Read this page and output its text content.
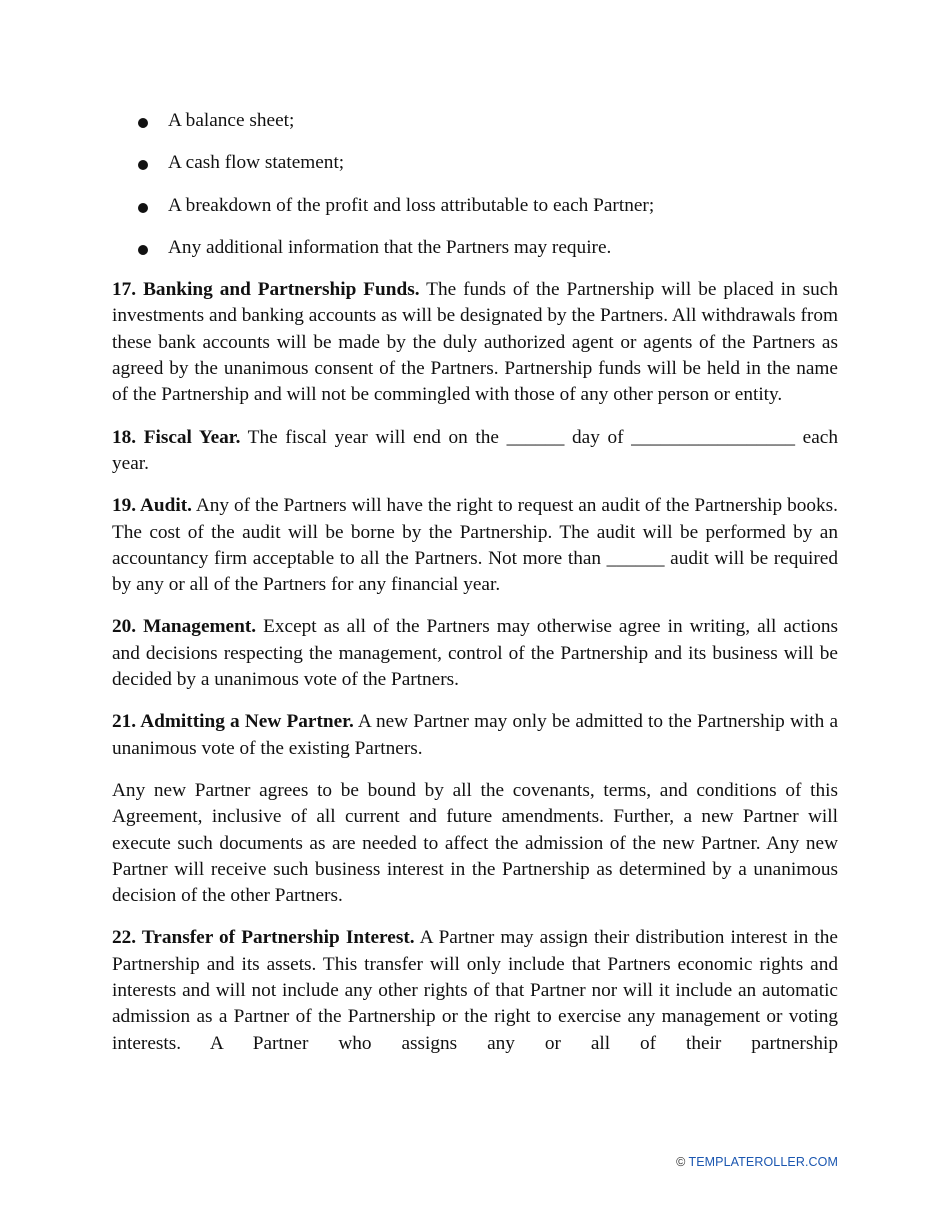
A balance sheet;
A cash flow statement;
A breakdown of the profit and loss attributable to each Partner;
Any additional information that the Partners may require.

17. Banking and Partnership Funds. The funds of the Partnership will be placed in such investments and banking accounts as will be designated by the Partners. All withdrawals from these bank accounts will be made by the duly authorized agent or agents of the Partners as agreed by the unanimous consent of the Partners. Partnership funds will be held in the name of the Partnership and will not be commingled with those of any other person or entity.

18. Fiscal Year. The fiscal year will end on the ______ day of _________________ each year.

19. Audit. Any of the Partners will have the right to request an audit of the Partnership books. The cost of the audit will be borne by the Partnership. The audit will be performed by an accountancy firm acceptable to all the Partners. Not more than ______ audit will be required by any or all of the Partners for any financial year.

20. Management. Except as all of the Partners may otherwise agree in writing, all actions and decisions respecting the management, control of the Partnership and its business will be decided by a unanimous vote of the Partners.

21. Admitting a New Partner. A new Partner may only be admitted to the Partnership with a unanimous vote of the existing Partners.

Any new Partner agrees to be bound by all the covenants, terms, and conditions of this Agreement, inclusive of all current and future amendments. Further, a new Partner will execute such documents as are needed to affect the admission of the new Partner. Any new Partner will receive such business interest in the Partnership as determined by a unanimous decision of the other Partners.

22. Transfer of Partnership Interest. A Partner may assign their distribution interest in the Partnership and its assets. This transfer will only include that Partners economic rights and interests and will not include any other rights of that Partner nor will it include an automatic admission as a Partner of the Partnership or the right to exercise any management or voting interests. A Partner who assigns any or all of their partnership

© TEMPLATEROLLER.COM
